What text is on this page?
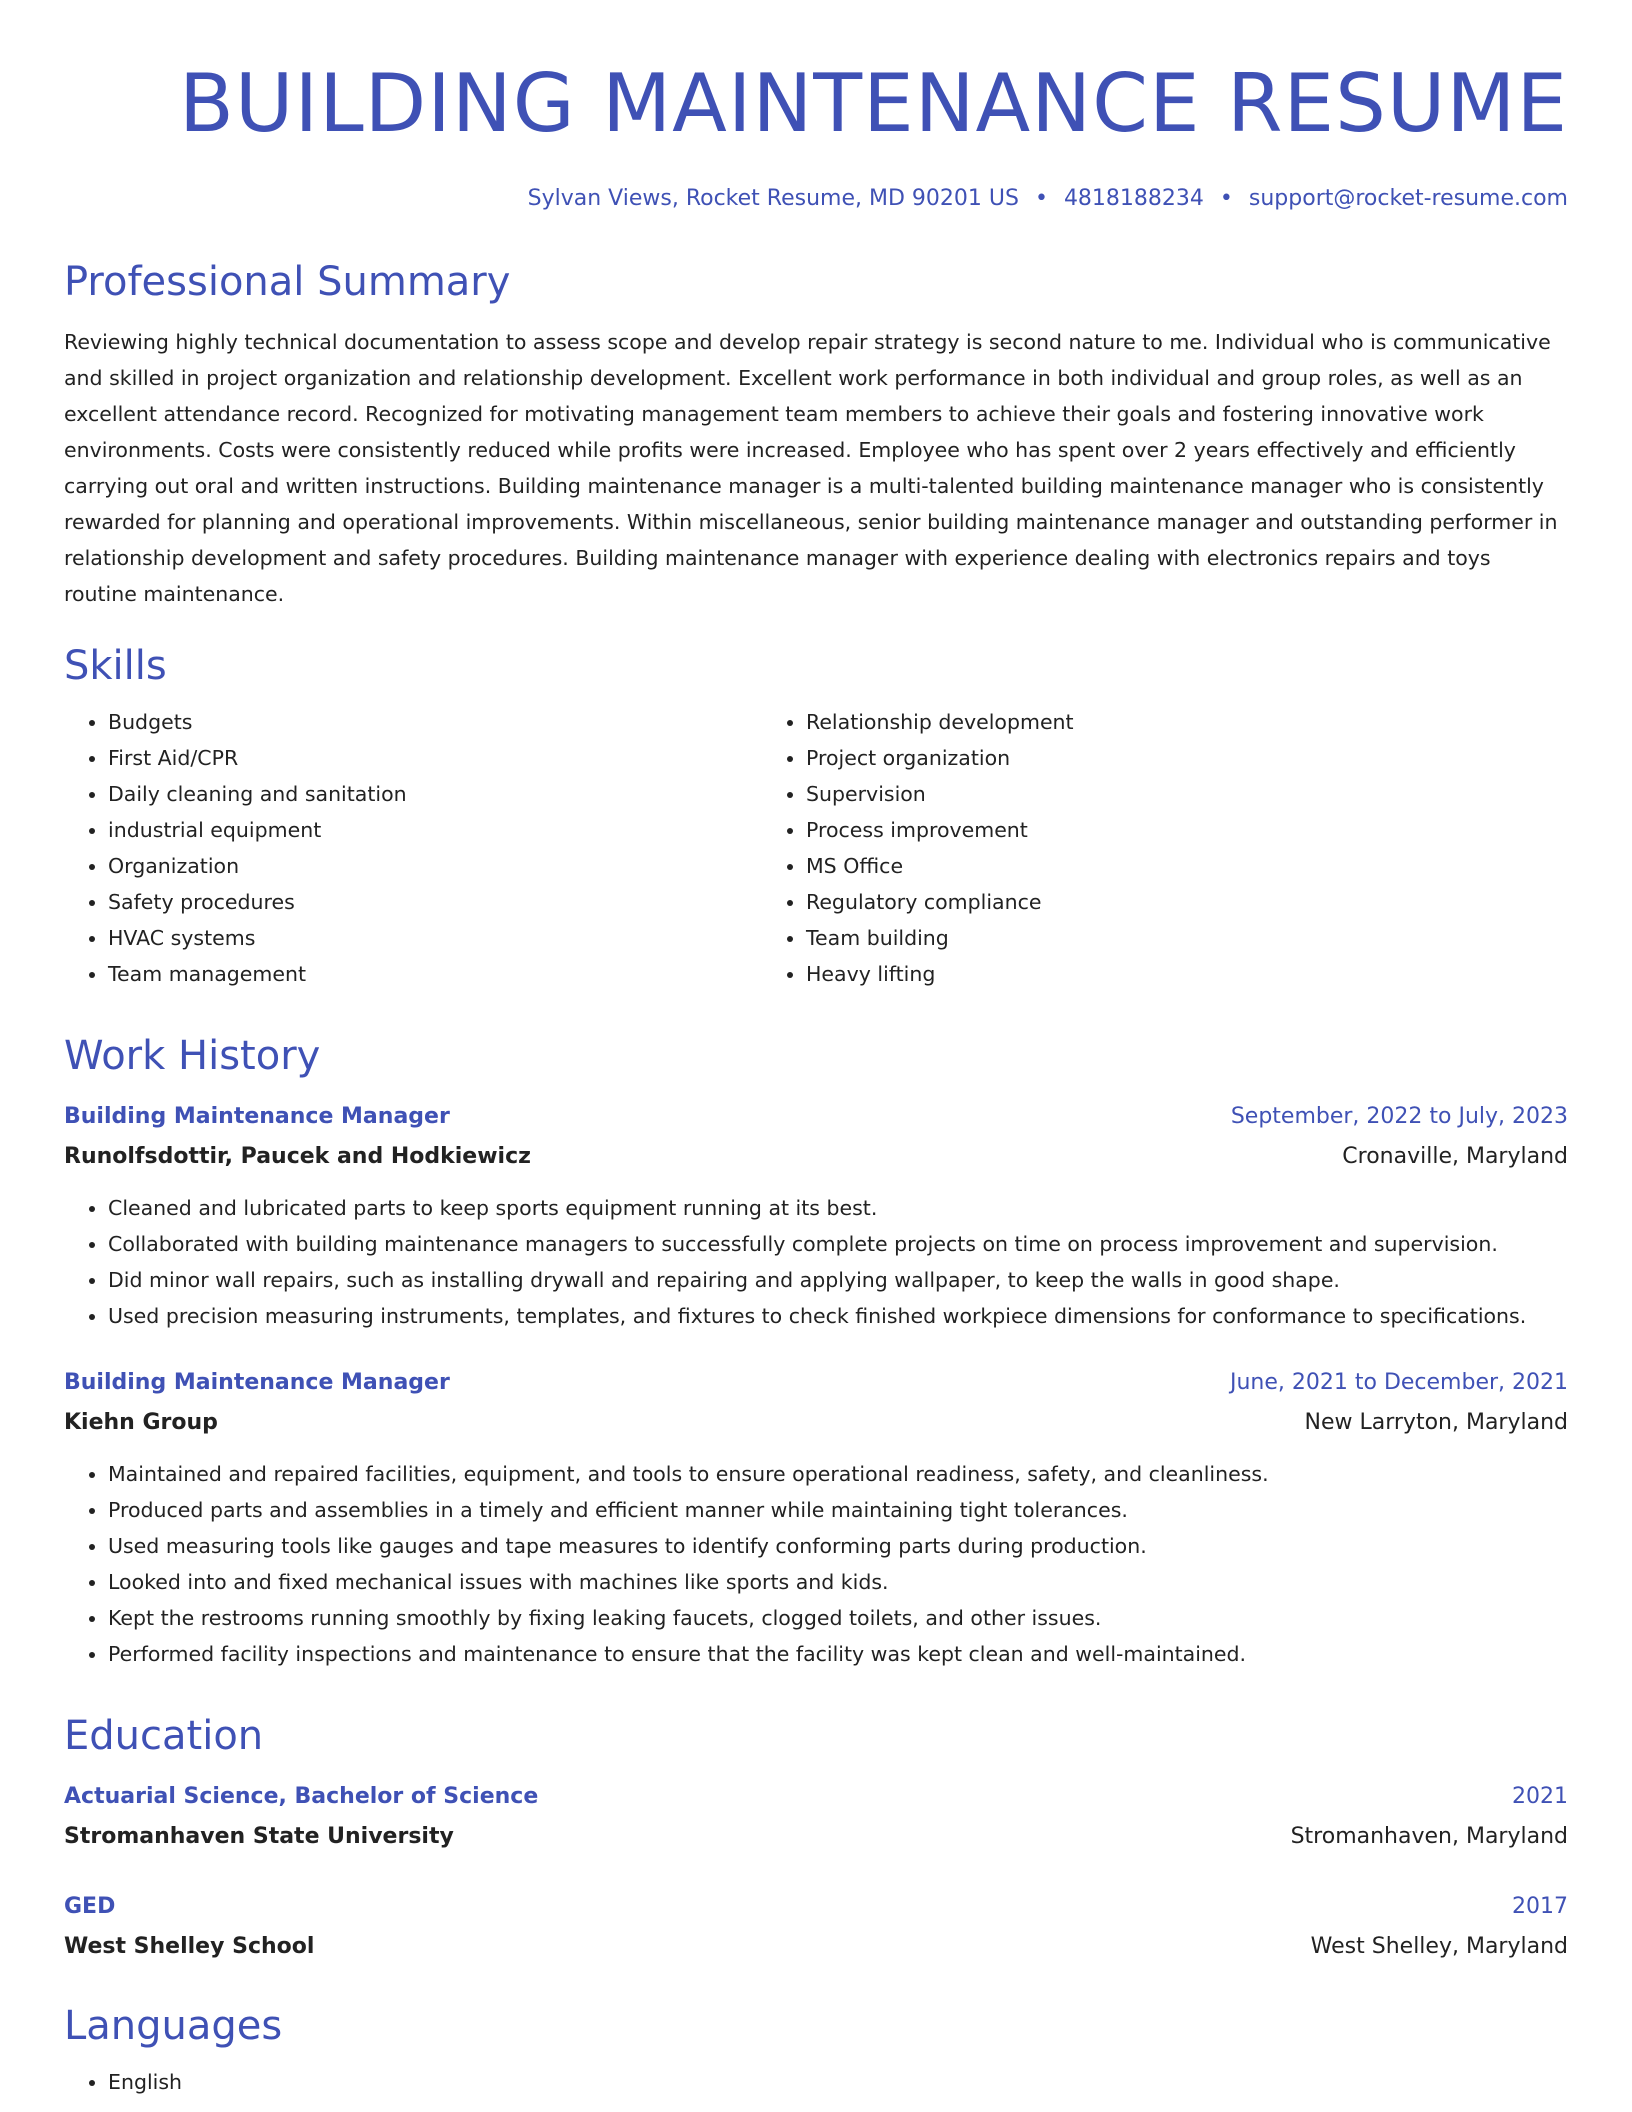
BUILDING MAINTENANCE RESUME
Sylvan Views, Rocket Resume, MD 90201 US • 4818188234 • support@rocket-resume.com
Professional Summary

Reviewing highly technical documentation to assess scope and develop repair strategy is second nature to me. Individual who is communicative and skilled in project organization and relationship development. Excellent work performance in both individual and group roles, as well as an excellent attendance record. Recognized for motivating management team members to achieve their goals and fostering innovative work environments. Costs were consistently reduced while profits were increased. Employee who has spent over 2 years effectively and efficiently carrying out oral and written instructions. Building maintenance manager is a multi-talented building maintenance manager who is consistently rewarded for planning and operational improvements. Within miscellaneous, senior building maintenance manager and outstanding performer in relationship development and safety procedures. Building maintenance manager with experience dealing with electronics repairs and toys routine maintenance.

Skills
• Budgets
• First Aid/CPR
• Daily cleaning and sanitation
• industrial equipment
• Organization
• Safety procedures
• HVAC systems
• Team management
• Relationship development
• Project organization
• Supervision
• Process improvement
• MS Office
• Regulatory compliance
• Team building
• Heavy lifting
Work History
Building Maintenance Manager	September, 2022 to July, 2023
Runolfsdottir, Paucek and Hodkiewicz	Cronaville, Maryland
• Cleaned and lubricated parts to keep sports equipment running at its best.
• Collaborated with building maintenance managers to successfully complete projects on time on process improvement and supervision.
• Did minor wall repairs, such as installing drywall and repairing and applying wallpaper, to keep the walls in good shape.
• Used precision measuring instruments, templates, and fixtures to check finished workpiece dimensions for conformance to specifications.
Building Maintenance Manager	June, 2021 to December, 2021
Kiehn Group	New Larryton, Maryland
• Maintained and repaired facilities, equipment, and tools to ensure operational readiness, safety, and cleanliness.
• Produced parts and assemblies in a timely and efficient manner while maintaining tight tolerances.
• Used measuring tools like gauges and tape measures to identify conforming parts during production.
• Looked into and fixed mechanical issues with machines like sports and kids.
• Kept the restrooms running smoothly by fixing leaking faucets, clogged toilets, and other issues.
• Performed facility inspections and maintenance to ensure that the facility was kept clean and well-maintained.
Education
Actuarial Science, Bachelor of Science	2021
Stromanhaven State University	Stromanhaven, Maryland
GED	2017
West Shelley School	West Shelley, Maryland
Languages
• English
